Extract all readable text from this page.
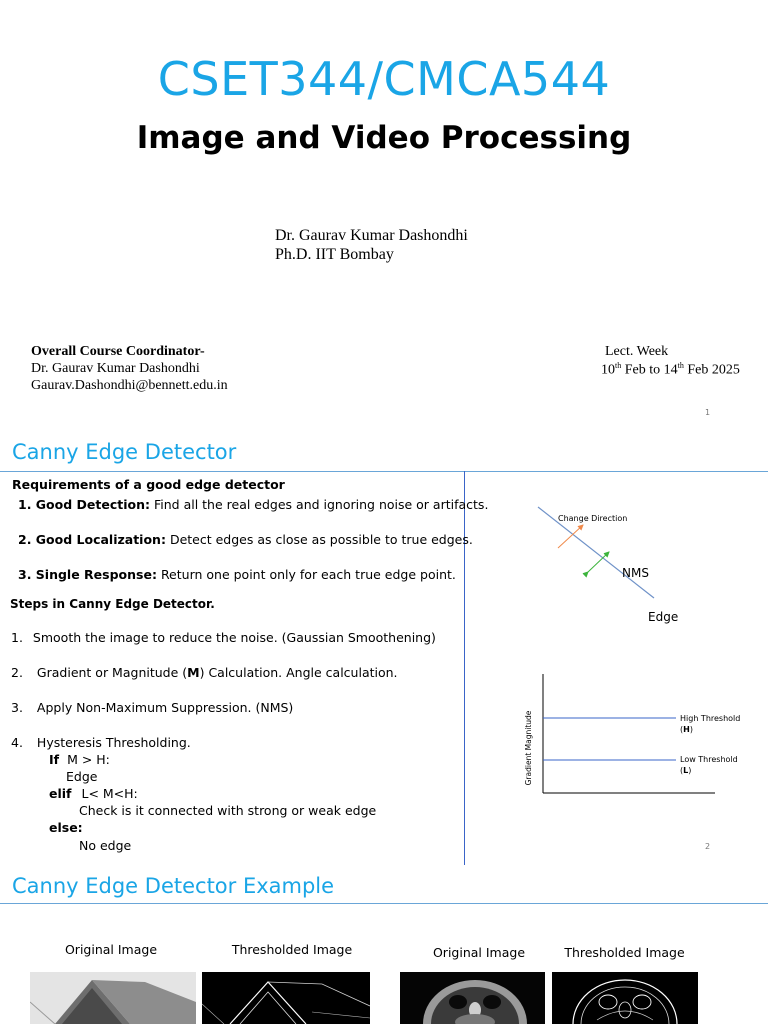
CSET344/CMCA544
Image and Video Processing
Dr. Gaurav Kumar Dashondhi
Ph.D. IIT Bombay
Overall Course Coordinator-
Dr. Gaurav Kumar Dashondhi
Gaurav.Dashondhi@bennett.edu.in
Lect. Week
10th Feb to 14th Feb 2025
1
Canny Edge Detector
Requirements of a good edge detector
1. Good Detection: Find all the real edges and ignoring noise or artifacts.
2. Good Localization: Detect edges as close as possible to true edges.
3. Single Response: Return one point only for each true edge point.
Steps in Canny Edge Detector.
1. Smooth the image to reduce the noise. (Gaussian Smoothening)
2. Gradient or Magnitude (M) Calculation. Angle calculation.
3. Apply Non-Maximum Suppression. (NMS)
4. Hysteresis Thresholding.
If M > H:
Edge
elif L< M<H:
Check is it connected with strong or weak edge
else:
No edge
Change Direction
NMS
Edge
Gradient Magnitude	High Threshold
(H)
Low Threshold
(L)
2
Canny Edge Detector Example
Original Image	Thresholded Image	Original Image	Thresholded Image
